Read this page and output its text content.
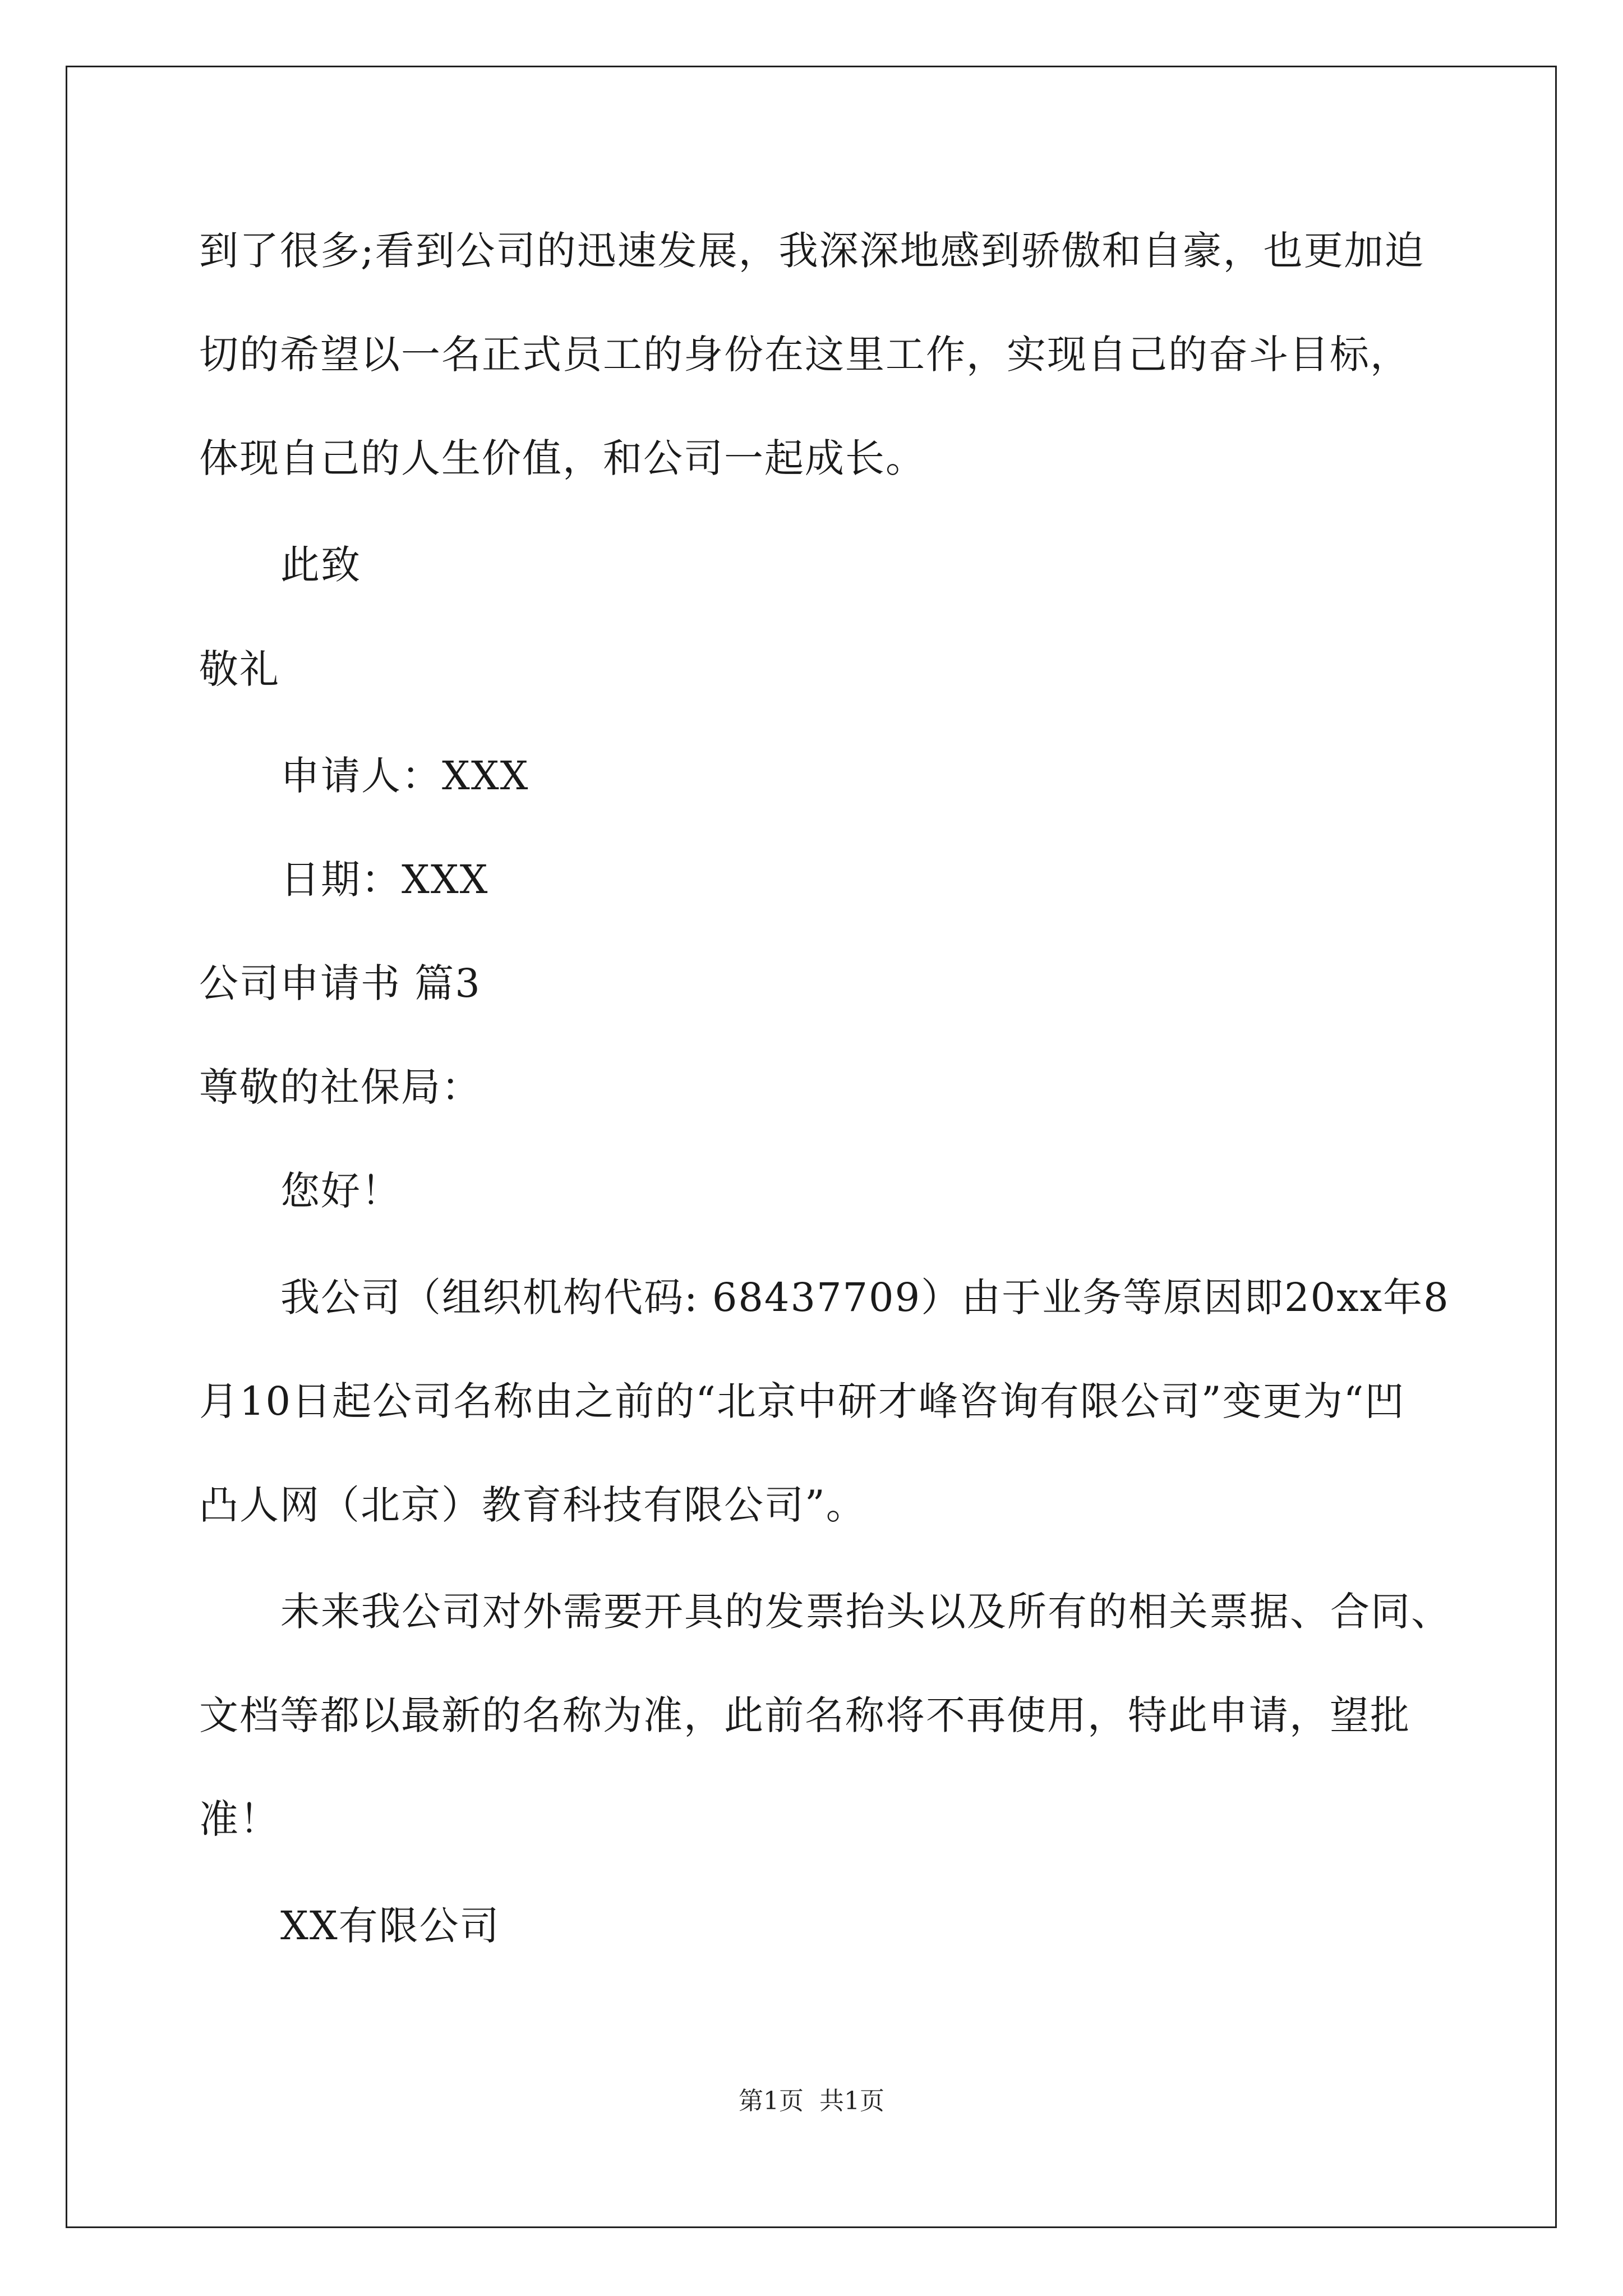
到了很多;看到公司的迅速发展，我深深地感到骄傲和自豪，也更加迫
切的希望以一名正式员工的身份在这里工作，实现自己的奋斗目标，
体现自己的人生价值，和公司一起成长。
此致
敬礼
申请人：XXX
日期：XXX
公司申请书 篇3
尊敬的社保局：
您好！
我公司（组织机构代码: 68437709）由于业务等原因即20xx年8
月10日起公司名称由之前的“北京中研才峰咨询有限公司”变更为“凹
凸人网（北京）教育科技有限公司”。
未来我公司对外需要开具的发票抬头以及所有的相关票据、合同、
文档等都以最新的名称为准，此前名称将不再使用，特此申请，望批
准！
XX有限公司
第1页  共1页
